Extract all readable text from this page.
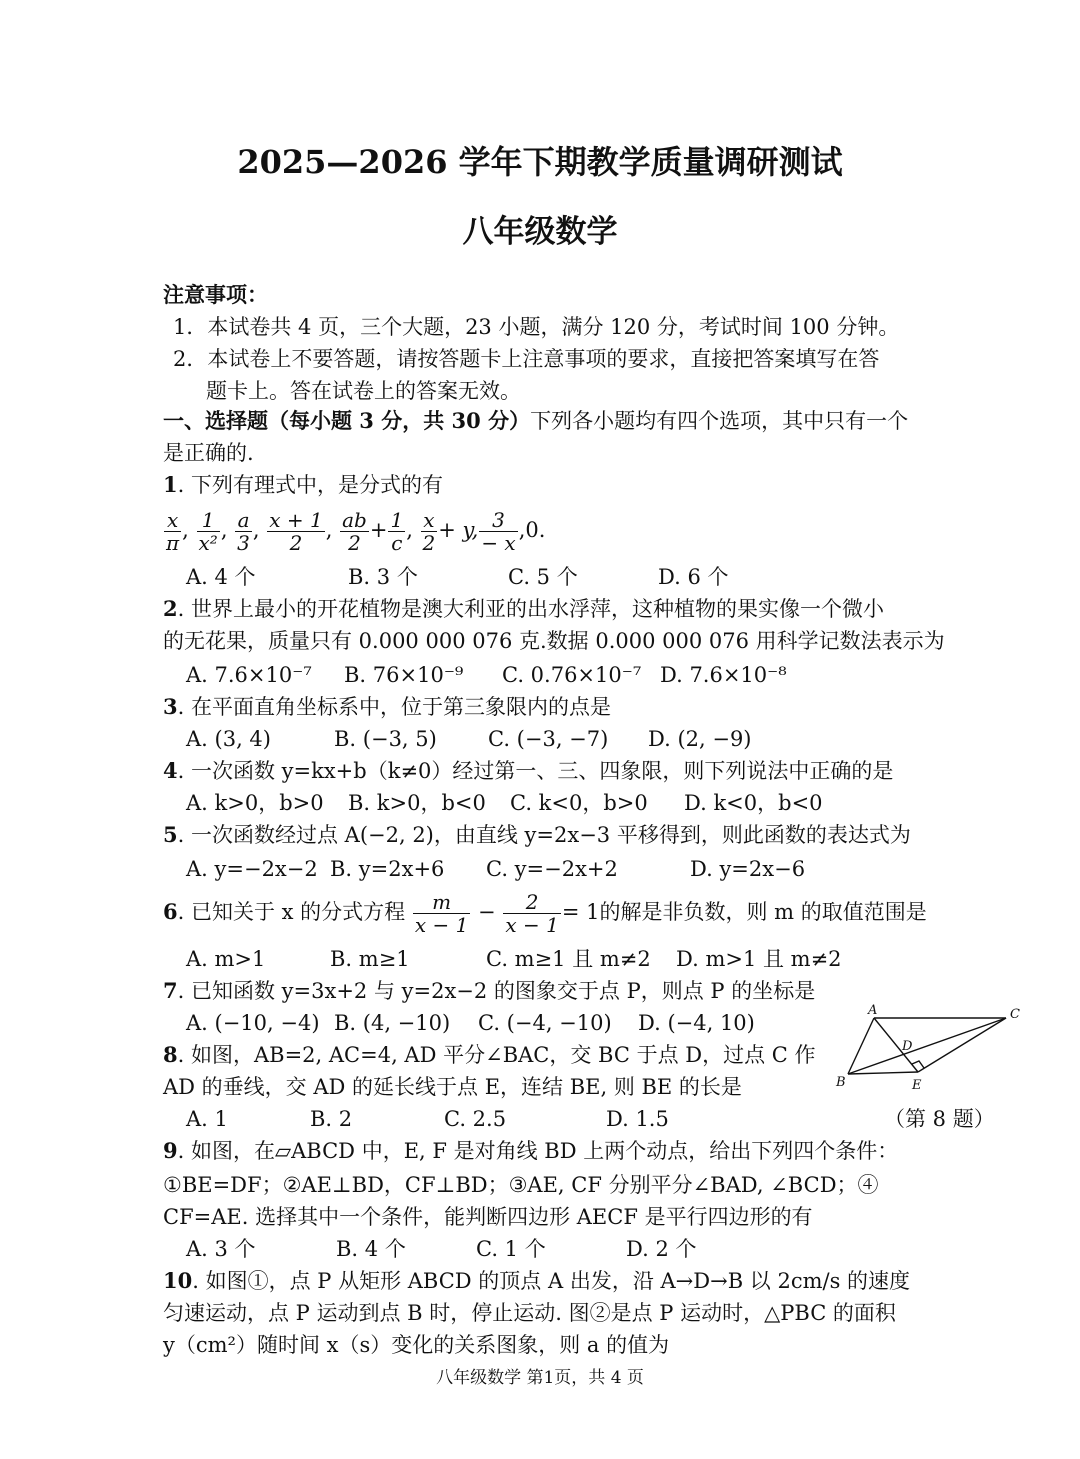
2025—2026 学年下期教学质量调研测试
八年级数学
注意事项：
1．本试卷共 4 页，三个大题，23 小题，满分 120 分，考试时间 100 分钟。
2．本试卷上不要答题，请按答题卡上注意事项的要求，直接把答案填写在答
题卡上。答在试卷上的答案无效。
一、选择题（每小题 3 分，共 30 分）下列各小题均有四个选项，其中只有一个
是正确的.
1. 下列有理式中，是分式的有
$\frac{x}{\pi}$ , $\frac{1}{\text{x²}}$ , $\frac{a}{3}$ , $\frac{x + 1}{2}$ , $\frac{ab}{2} + \frac{1}{c}$ , $\frac{x}{2} + y$, $\frac{3}{- x} ,0$.
A. 4 个	B. 3 个	C. 5 个	D. 6 个
2. 世界上最小的开花植物是澳大利亚的出水浮萍，这种植物的果实像一个微小
的无花果，质量只有 0.000 000 076 克.数据 0.000 000 076 用科学记数法表示为
A. 7.6×10⁻⁷ B. 76×10⁻⁹ C. 0.76×10⁻⁷ D. 7.6×10⁻⁸
3. 在平面直角坐标系中，位于第三象限内的点是
A. (3, 4)	B. (−3, 5) C. (−3, −7) D. (2, −9)
4. 一次函数 y=kx+b（k≠0）经过第一、三、四象限，则下列说法中正确的是
A. k>0，b>0 B. k>0，b<0 C. k<0，b>0 D. k<0，b<0
5. 一次函数经过点 A(−2, 2)，由直线 y=2x−3 平移得到，则此函数的表达式为
A. y=−2x−2 B. y=2x+6 C. y=−2x+2	D. y=2x−6
6. 已知关于 x 的分式方程 $\frac{m}{x - 1} - \frac{2}{x - 1} = 1$的解是非负数，则 m 的取值范围是
A. m>1	B. m≥1	C. m≥1 且 m≠2 D. m>1 且 m≠2
7. 已知函数 y=3x+2 与 y=2x−2 的图象交于点 P，则点 P 的坐标是
A. (−10, −4) B. (4, −10) C. (−4, −10) D. (−4, 10)
8. 如图，AB=2, AC=4, AD 平分∠BAC，交 BC 于点 D，过点 C 作
AD 的垂线，交 AD 的延长线于点 E，连结 BE, 则 BE 的长是
A. 1	B. 2	C. 2.5	D. 1.5
A
B
C
D
E
（第 8 题）
9. 如图，在▱ABCD 中，E, F 是对角线 BD 上两个动点，给出下列四个条件：
①BE=DF；②AE⊥BD，CF⊥BD；③AE, CF 分别平分∠BAD, ∠BCD；④
CF=AE. 选择其中一个条件，能判断四边形 AECF 是平行四边形的有
A. 3 个	B. 4 个	C. 1 个	D. 2 个
10. 如图①，点 P 从矩形 ABCD 的顶点 A 出发，沿 A→D→B 以 2cm/s 的速度
匀速运动，点 P 运动到点 B 时，停止运动. 图②是点 P 运动时，△PBC 的面积
y（cm²）随时间 x（s）变化的关系图象，则 a 的值为
八年级数学 第1页，共 4 页
